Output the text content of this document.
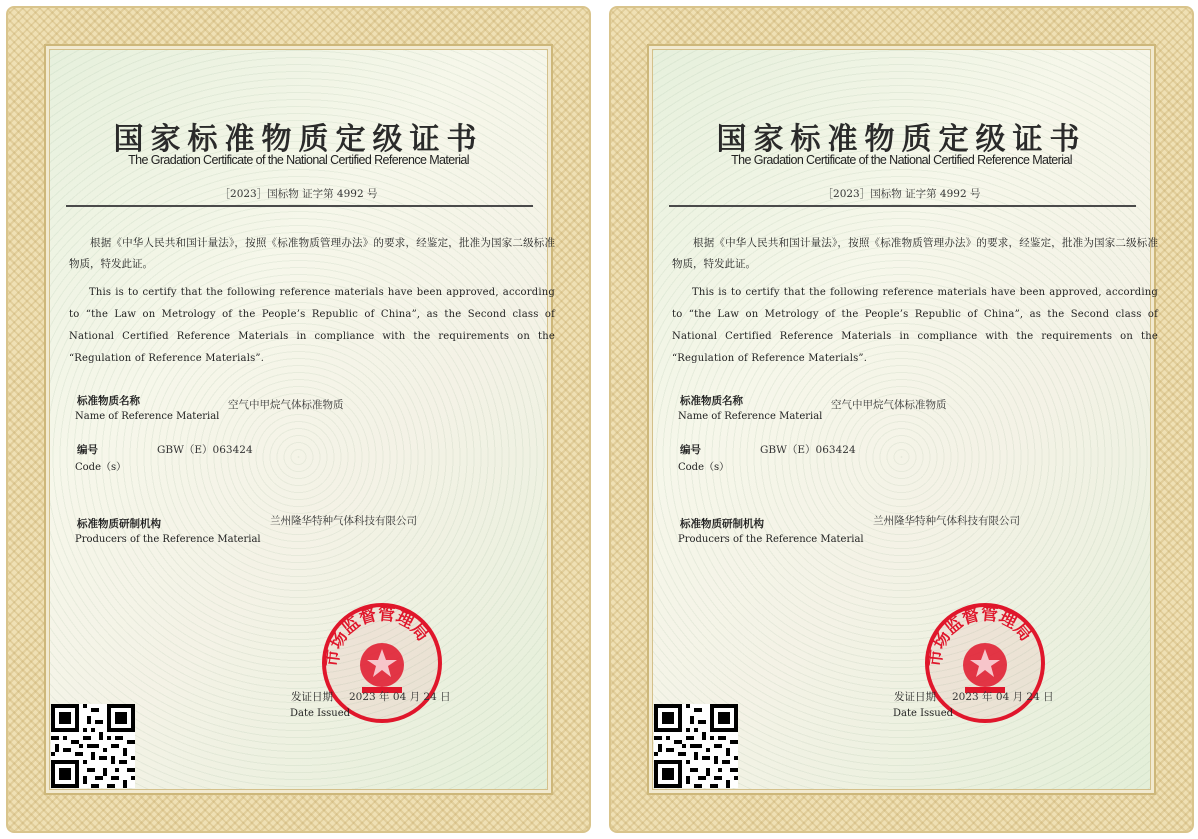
国家标准物质定级证书
The Gradation Certificate of the National Certified Reference Material
［2023］国标物 证字第 4992 号
根据《中华人民共和国计量法》，按照《标准物质管理办法》的要求，经鉴定，批准为国家二级标准物质，特发此证。
This is to certify that the following reference materials have been approved, according to “the Law on Metrology of the People’s Republic of China”, as the Second class of National Certified Reference Materials in compliance with the requirements on the “Regulation of Reference Materials”.
标准物质名称
Name of Reference Material
空气中甲烷气体标准物质
编号
Code（s）
GBW（E）063424
标准物质研制机构
Producers of the Reference Material
兰州隆华特种气体科技有限公司
市场监督管理局
发证日期 2023 年 04 月 24 日
Date Issued
国家标准物质定级证书
The Gradation Certificate of the National Certified Reference Material
［2023］国标物 证字第 4992 号
根据《中华人民共和国计量法》，按照《标准物质管理办法》的要求，经鉴定，批准为国家二级标准物质，特发此证。
This is to certify that the following reference materials have been approved, according to “the Law on Metrology of the People’s Republic of China”, as the Second class of National Certified Reference Materials in compliance with the requirements on the “Regulation of Reference Materials”.
标准物质名称
Name of Reference Material
空气中甲烷气体标准物质
编号
Code（s）
GBW（E）063424
标准物质研制机构
Producers of the Reference Material
兰州隆华特种气体科技有限公司
市场监督管理局
发证日期 2023 年 04 月 24 日
Date Issued
